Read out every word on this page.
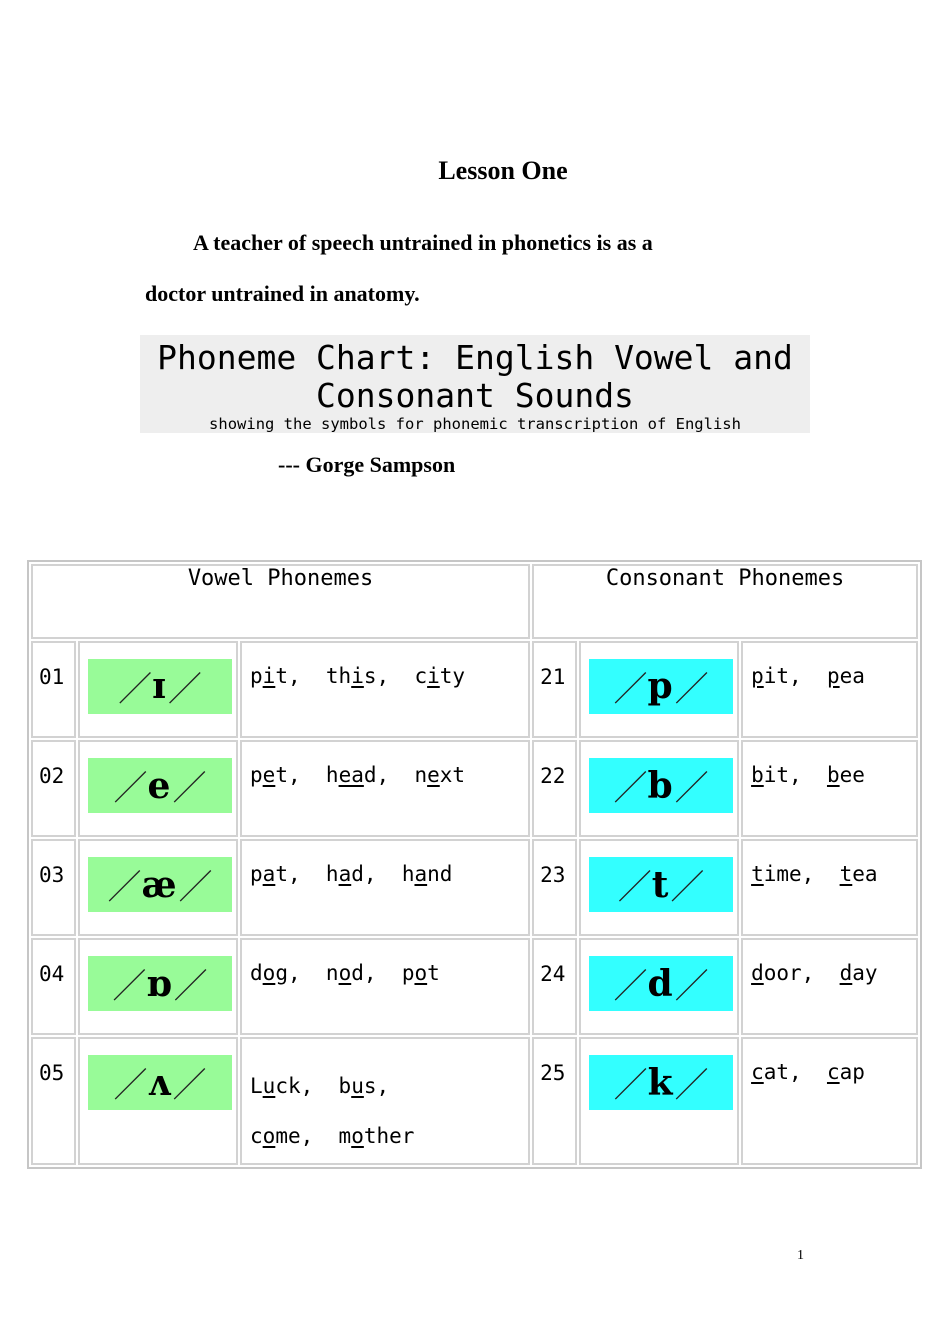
Lesson One
A teacher of speech untrained in phonetics is as a
doctor untrained in anatomy.
Phoneme Chart: English Vowel and
Consonant Sounds
showing the symbols for phonemic transcription of English
--- Gorge Sampson
Vowel Phonemes			Consonant Phonemes		
01	／ ɪ ／	pit,  this,  city	21	／ p ／	pit,  pea
02	／ e ／	pet,  head,  next	22	／ b ／	bit,  bee
03	／ æ ／	pat,  had,  hand	23	／ t ／	time,  tea
04	／ ɒ ／	dog,  nod,  pot	24	／ d ／	door,  day
05	／ ʌ ／	Luck,  bus,
come,  mother	25	／ k ／	cat,  cap
1
